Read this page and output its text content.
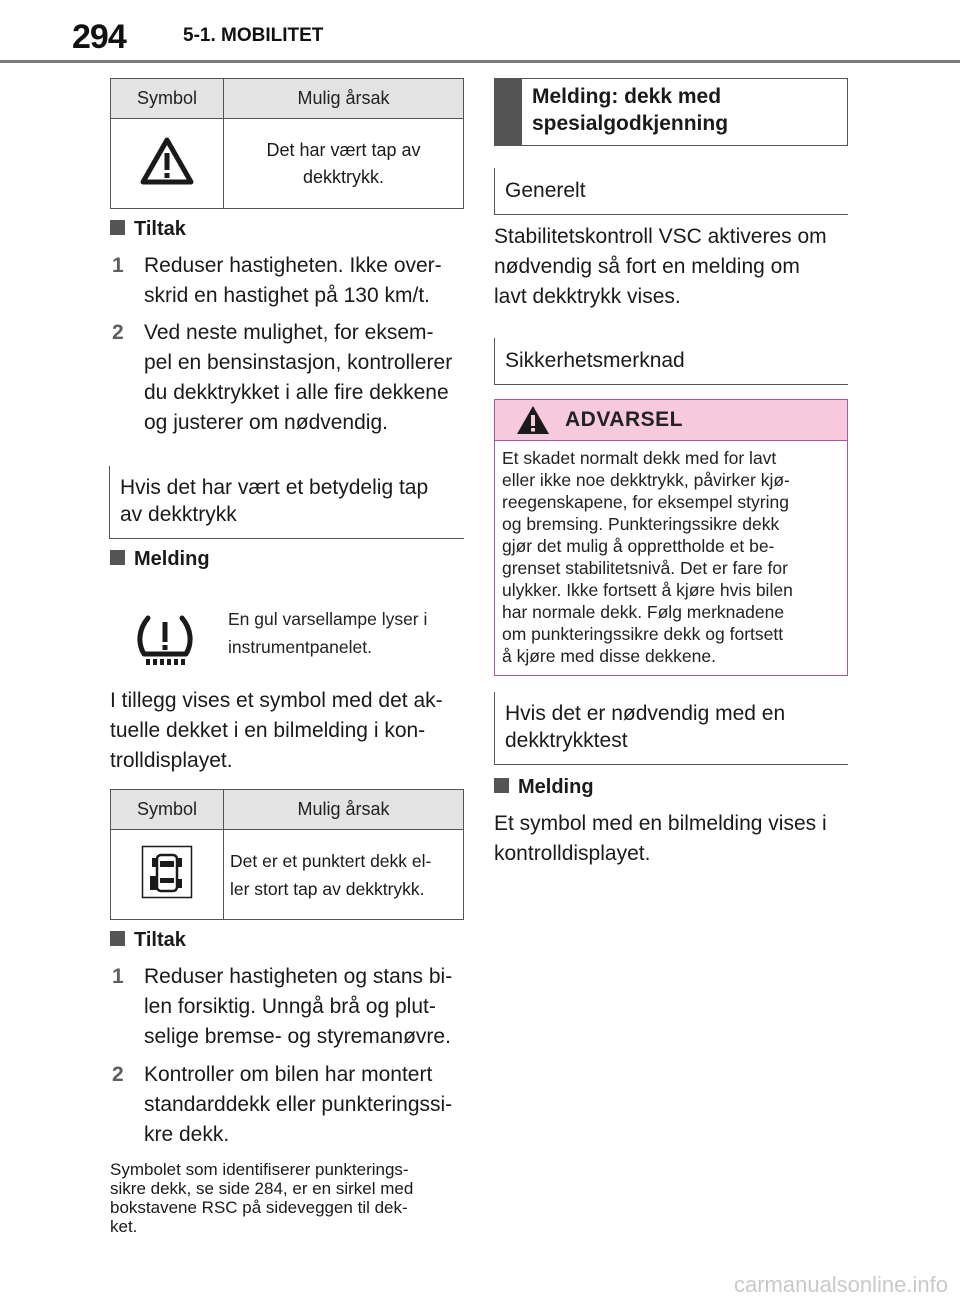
294	5-1. MOBILITET
Symbol	Mulig årsak

Det har vært tap av
dekktrykk.
Tiltak
1 Reduser hastigheten. Ikke over-
skrid en hastighet på 130 km/t.
2 Ved neste mulighet, for eksem-
pel en bensinstasjon, kontrollerer
du dekktrykket i alle fire dekkene
og justerer om nødvendig.
Hvis det har vært et betydelig tap
av dekktrykk
Melding
En gul varsellampe lyser i
instrumentpanelet.
I tillegg vises et symbol med det ak-
tuelle dekket i en bilmelding i kon-
trolldisplayet.
Symbol	Mulig årsak

Det er et punktert dekk el-
ler stort tap av dekktrykk.
Tiltak
1 Reduser hastigheten og stans bi-
len forsiktig. Unngå brå og plut-
selige bremse- og styremanøvre.
2 Kontroller om bilen har montert
standarddekk eller punkteringssi-
kre dekk.
Symbolet som identifiserer punkterings-
sikre dekk, se side 284, er en sirkel med
bokstavene RSC på sideveggen til dek-
ket.
Melding: dekk med
spesialgodkjenning
Generelt
Stabilitetskontroll VSC aktiveres om
nødvendig så fort en melding om
lavt dekktrykk vises.
Sikkerhetsmerknad
ADVARSEL
Et skadet normalt dekk med for lavt
eller ikke noe dekktrykk, påvirker kjø-
reegenskapene, for eksempel styring
og bremsing. Punkteringssikre dekk
gjør det mulig å opprettholde et be-
grenset stabilitetsnivå. Det er fare for
ulykker. Ikke fortsett å kjøre hvis bilen
har normale dekk. Følg merknadene
om punkteringssikre dekk og fortsett
å kjøre med disse dekkene.
Hvis det er nødvendig med en
dekktrykktest
Melding
Et symbol med en bilmelding vises i
kontrolldisplayet.
carmanualsonline.info
